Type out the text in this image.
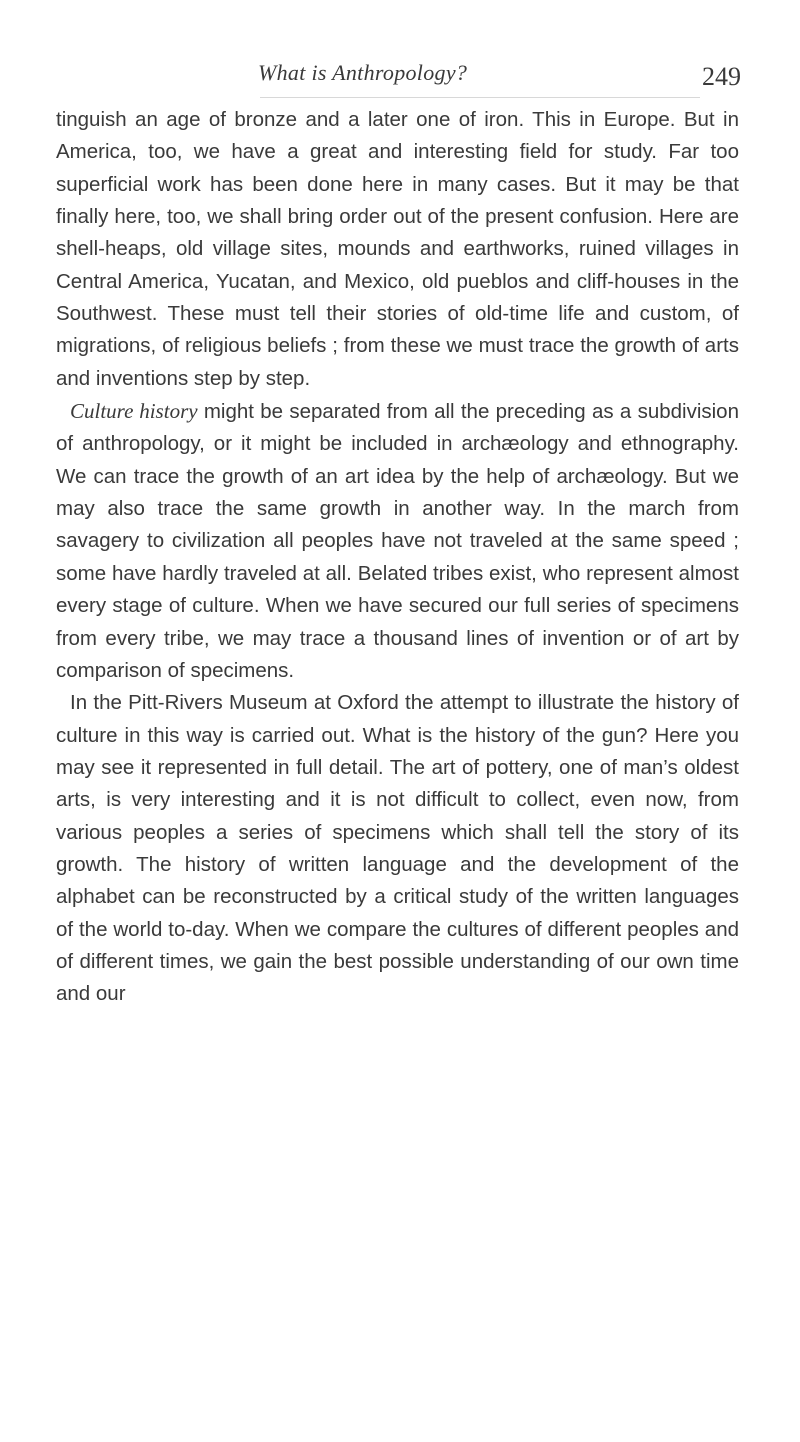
What is Anthropology?	249

tinguish an age of bronze and a later one of iron. This in Europe. But in America, too, we have a great and interesting field for study. Far too superficial work has been done here in many cases. But it may be that finally here, too, we shall bring order out of the present confusion. Here are shell-heaps, old village sites, mounds and earthworks, ruined villages in Central America, Yucatan, and Mexico, old pueblos and cliff-houses in the Southwest. These must tell their stories of old-time life and custom, of migrations, of religious beliefs ; from these we must trace the growth of arts and inventions step by step.

Culture history might be separated from all the preceding as a subdivision of anthropology, or it might be included in archæology and ethnography. We can trace the growth of an art idea by the help of archæology. But we may also trace the same growth in another way. In the march from savagery to civilization all peoples have not traveled at the same speed ; some have hardly traveled at all. Belated tribes exist, who represent almost every stage of culture. When we have secured our full series of specimens from every tribe, we may trace a thousand lines of invention or of art by comparison of specimens.

In the Pitt-Rivers Museum at Oxford the attempt to illustrate the history of culture in this way is carried out. What is the history of the gun? Here you may see it represented in full detail. The art of pottery, one of man’s oldest arts, is very interesting and it is not difficult to collect, even now, from various peoples a series of specimens which shall tell the story of its growth. The history of written language and the development of the alphabet can be reconstructed by a critical study of the written languages of the world to-day. When we compare the cultures of different peoples and of different times, we gain the best possible understanding of our own time and our
